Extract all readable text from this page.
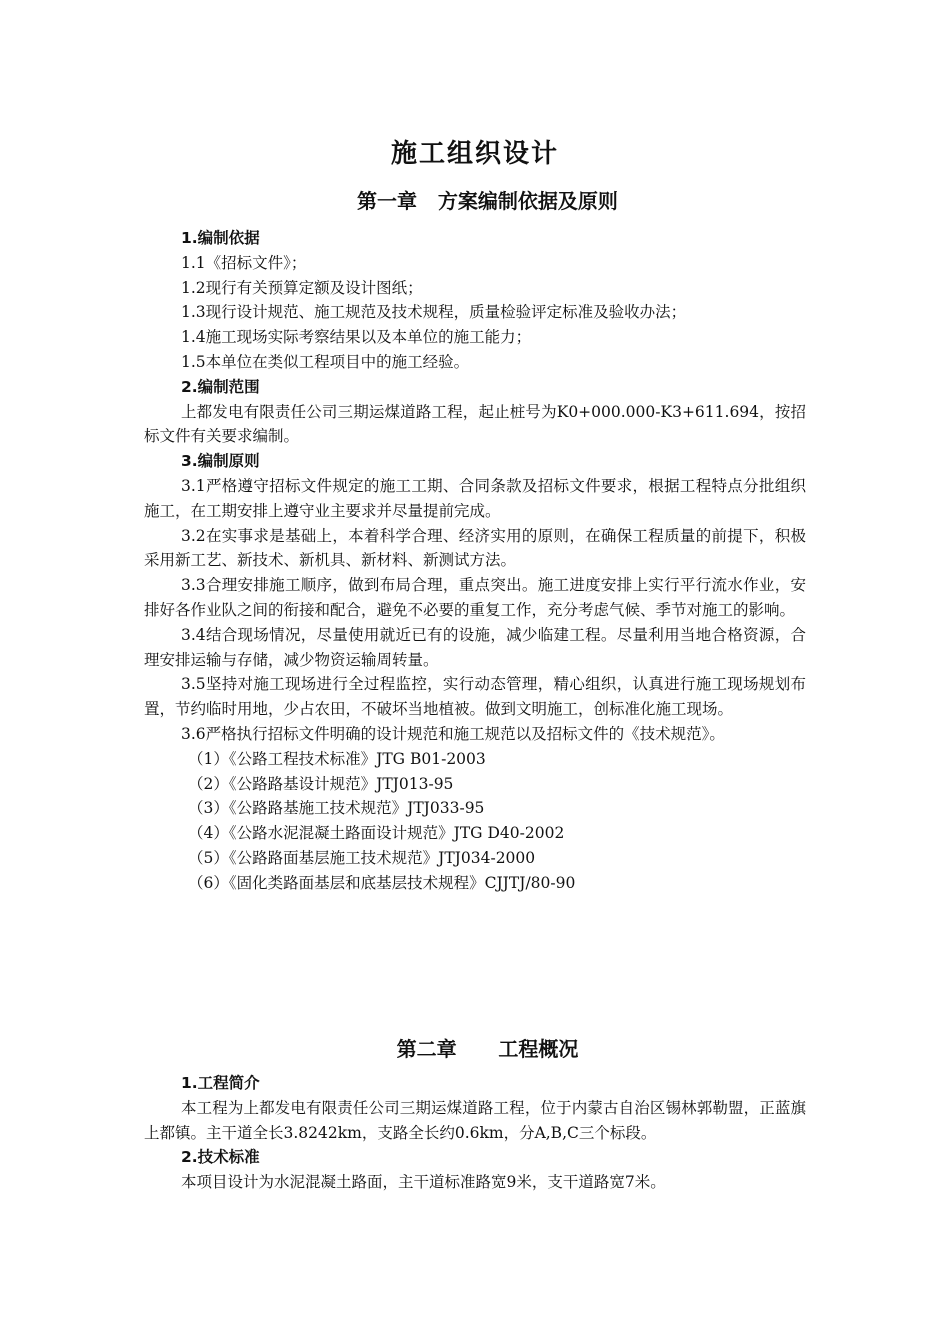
施工组织设计
第一章   方案编制依据及原则

1.编制依据

1.1《招标文件》；

1.2现行有关预算定额及设计图纸；

1.3现行设计规范、施工规范及技术规程，质量检验评定标准及验收办法；

1.4施工现场实际考察结果以及本单位的施工能力；

1.5本单位在类似工程项目中的施工经验。

2.编制范围

上都发电有限责任公司三期运煤道路工程，起止桩号为K0+000.000-K3+611.694，按招标文件有关要求编制。

3.编制原则

3.1严格遵守招标文件规定的施工工期、合同条款及招标文件要求，根据工程特点分批组织施工，在工期安排上遵守业主要求并尽量提前完成。

3.2在实事求是基础上，本着科学合理、经济实用的原则，在确保工程质量的前提下，积极采用新工艺、新技术、新机具、新材料、新测试方法。

3.3合理安排施工顺序，做到布局合理，重点突出。施工进度安排上实行平行流水作业，安排好各作业队之间的衔接和配合，避免不必要的重复工作，充分考虑气候、季节对施工的影响。

3.4结合现场情况，尽量使用就近已有的设施，减少临建工程。尽量利用当地合格资源，合理安排运输与存储，减少物资运输周转量。

3.5坚持对施工现场进行全过程监控，实行动态管理，精心组织，认真进行施工现场规划布置，节约临时用地，少占农田，不破坏当地植被。做到文明施工，创标准化施工现场。

3.6严格执行招标文件明确的设计规范和施工规范以及招标文件的《技术规范》。

（1）《公路工程技术标准》JTG B01-2003

（2）《公路路基设计规范》JTJ013-95

（3）《公路路基施工技术规范》JTJ033-95

（4）《公路水泥混凝土路面设计规范》JTG D40-2002

（5）《公路路面基层施工技术规范》JTJ034-2000

（6）《固化类路面基层和底基层技术规程》CJJTJ/80-90

第二章      工程概况

1.工程简介

本工程为上都发电有限责任公司三期运煤道路工程，位于内蒙古自治区锡林郭勒盟，正蓝旗上都镇。主干道全长3.8242km，支路全长约0.6km，分A,B,C三个标段。

2.技术标准

本项目设计为水泥混凝土路面，主干道标准路宽9米，支干道路宽7米。
